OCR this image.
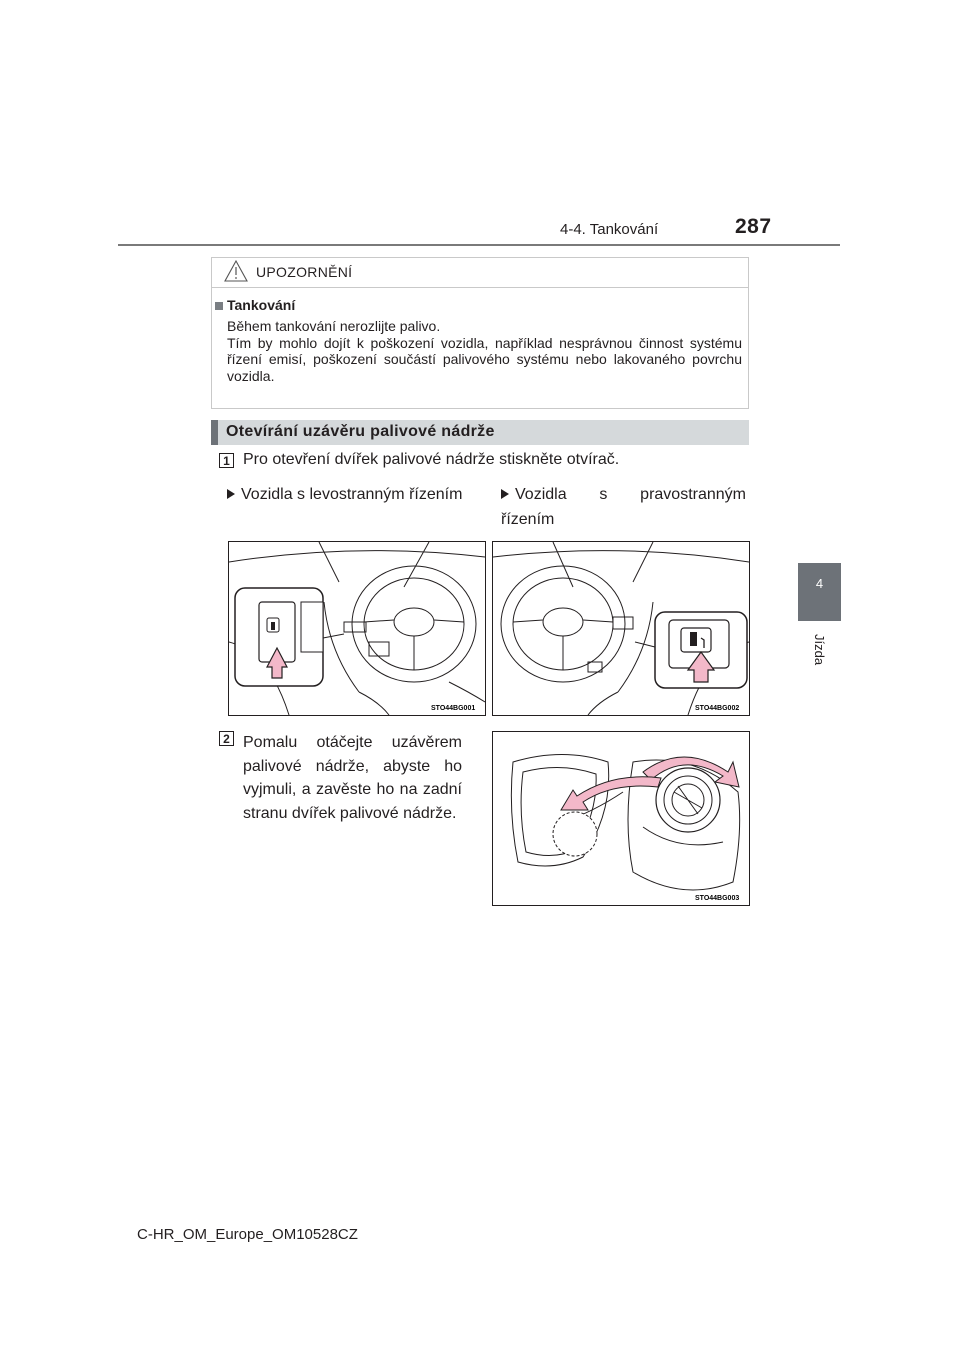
4-4. Tankování	287
4
Jízda
UPOZORNĚNÍ
Tankování

Během tankování nerozlijte palivo.

Tím by mohlo dojít k poškození vozidla, například nesprávnou činnost systému řízení emisí, poškození součástí palivového systému nebo lakovaného povrchu vozidla.

Otevírání uzávěru palivové nádrže
1 Pro otevření dvířek palivové nádrže stiskněte otvírač.
Vozidla s levostranným řízením	Vozidla s pravostranným řízením
STO44BG001	STO44BG002
2 Pomalu otáčejte uzávěrem palivové nádrže, abyste ho vyjmuli, a zavěste ho na zadní stranu dvířek palivové nádrže.
STO44BG003
C-HR_OM_Europe_OM10528CZ
